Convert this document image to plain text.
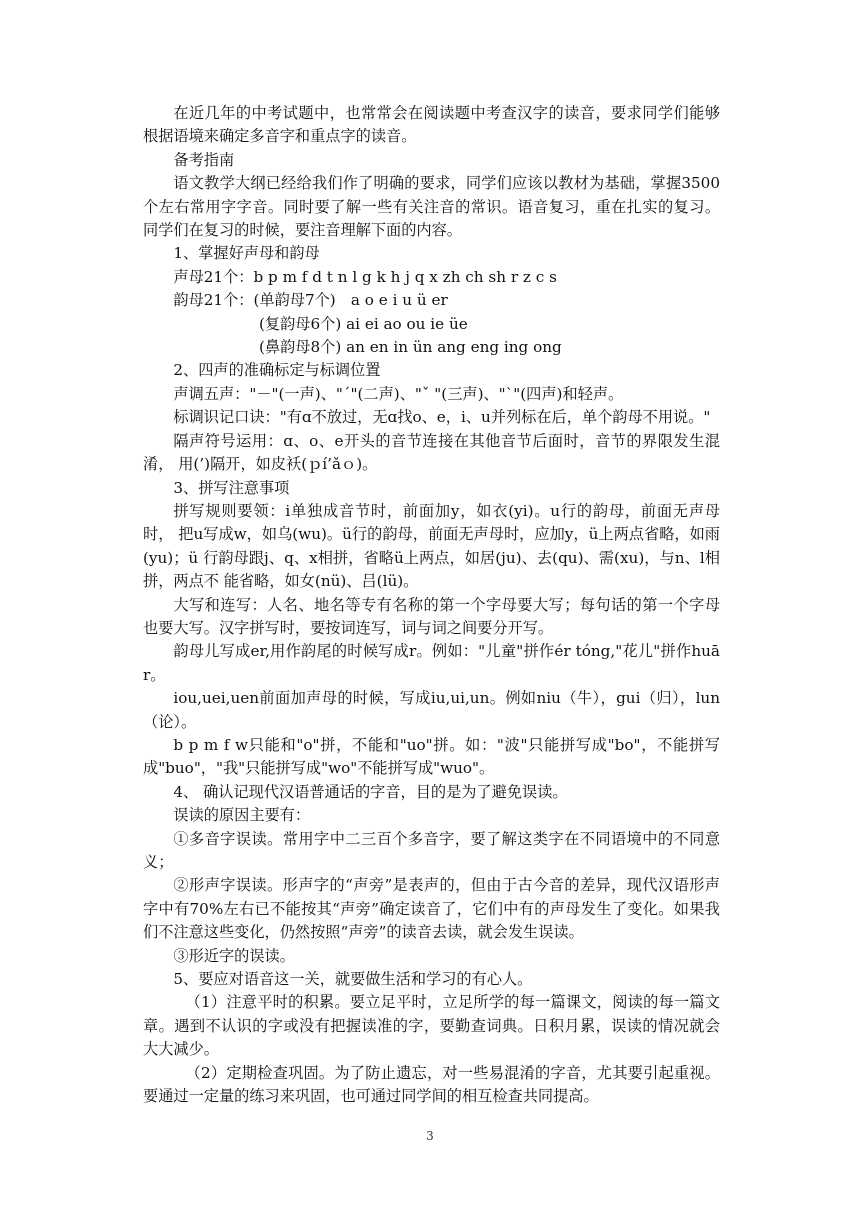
在近几年的中考试题中，也常常会在阅读题中考查汉字的读音，要求同学们能够根据语境来确定多音字和重点字的读音。

备考指南

语文教学大纲已经给我们作了明确的要求，同学们应该以教材为基础，掌握3500个左右常用字字音。同时要了解一些有关注音的常识。语音复习，重在扎实的复习。同学们在复习的时候，要注音理解下面的内容。

1、掌握好声母和韵母

声母21个：b p m f d t n l g k h j q x zh ch sh r z c s

韵母21个：(单韵母7个)　a o e i u ü er

(复韵母6个) ai ei ao ou ie üe

(鼻韵母8个) an en in ün ang eng ing ong

2、四声的准确标定与标调位置

声调五声："－"(一声)、"ˊ"(二声)、"ˇ "(三声)、"ˋ"(四声)和轻声。

标调识记口诀："有ɑ不放过，无ɑ找o、e，i、u并列标在后，单个韵母不用说。"

隔声符号运用：ɑ、o、e开头的音节连接在其他音节后面时，音节的界限发生混淆， 用(’)隔开，如皮袄(ｐí’ǎｏ)。

3、拼写注意事项

拼写规则要领：i单独成音节时，前面加y，如衣(yi)。u行的韵母，前面无声母时， 把u写成w，如乌(wu)。ü行的韵母，前面无声母时，应加y，ü上两点省略，如雨(yu)；ü 行韵母跟j、q、x相拼，省略ü上两点，如居(ju)、去(qu)、需(xu)，与n、l相拼，两点不 能省略，如女(nü)、吕(lü)。

大写和连写：人名、地名等专有名称的第一个字母要大写；每句话的第一个字母也要大写。汉字拼写时，要按词连写，词与词之间要分开写。

韵母儿写成er,用作韵尾的时候写成r。例如："儿童"拼作ér tóng,"花儿"拼作huār。

iou,uei,uen前面加声母的时候，写成iu,ui,un。例如niu（牛），gui（归），lun（论）。

b p m f w只能和"o"拼，不能和"uo"拼。如："波"只能拼写成"bo"，不能拼写成"buo"，"我"只能拼写成"wo"不能拼写成"wuo"。

4、 确认记现代汉语普通话的字音，目的是为了避免误读。

误读的原因主要有：

①多音字误读。常用字中二三百个多音字，要了解这类字在不同语境中的不同意义；

②形声字误读。形声字的“声旁”是表声的，但由于古今音的差异，现代汉语形声字中有70%左右已不能按其“声旁”确定读音了，它们中有的声母发生了变化。如果我们不注意这些变化，仍然按照“声旁”的读音去读，就会发生误读。

③形近字的误读。

5、要应对语音这一关，就要做生活和学习的有心人。

（1）注意平时的积累。要立足平时，立足所学的每一篇课文，阅读的每一篇文章。遇到不认识的字或没有把握读准的字，要勤查词典。日积月累，误读的情况就会大大减少。

（2）定期检查巩固。为了防止遗忘，对一些易混淆的字音，尤其要引起重视。要通过一定量的练习来巩固，也可通过同学间的相互检查共同提高。

3
